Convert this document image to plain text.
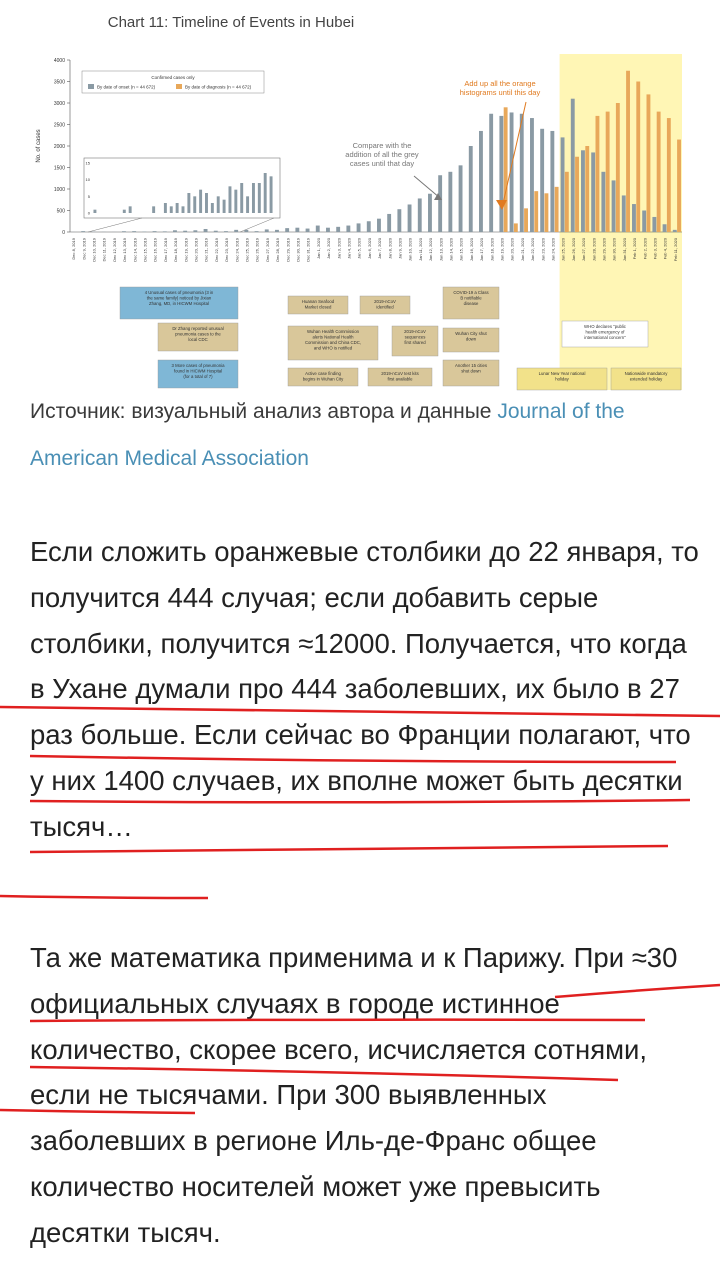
Chart 11: Timeline of Events in Hubei
0
500
1000
1500
2000
2500
3000
3500
4000
No. of cases
Confirmed cases only
By date of onset (n = 44 672)	By date of diagnosis (n = 44 672)
Dec 8, 2019 Dec 9, 2019 Dec 10, 2019 Dec 11, 2019 Dec 12, 2019 Dec 13, 2019 Dec 14, 2019 Dec 15, 2019 Dec 16, 2019 Dec 17, 2019 Dec 18, 2019 Dec 19, 2019 Dec 20, 2019 Dec 21, 2019 Dec 22, 2019 Dec 23, 2019 Dec 24, 2019 Dec 25, 2019 Dec 26, 2019 Dec 27, 2019 Dec 28, 2019 Dec 29, 2019 Dec 30, 2019 Dec 31, 2019 Jan 1, 2020 Jan 2, 2020 Jan 3, 2020 Jan 4, 2020 Jan 5, 2020 Jan 6, 2020 Jan 7, 2020 Jan 8, 2020 Jan 9, 2020 Jan 10, 2020 Jan 11, 2020 Jan 12, 2020 Jan 13, 2020 Jan 14, 2020 Jan 15, 2020 Jan 16, 2020 Jan 17, 2020 Jan 18, 2020 Jan 19, 2020 Jan 20, 2020 Jan 21, 2020 Jan 22, 2020 Jan 23, 2020 Jan 24, 2020 Jan 25, 2020 Jan 26, 2020 Jan 27, 2020 Jan 28, 2020 Jan 29, 2020 Jan 30, 2020 Jan 31, 2020 Feb 1, 2020 Feb 2, 2020 Feb 3, 2020 Feb 4, 2020 Feb 11, 2020
0
5
10
15
Add up all the orange histograms until this day
Compare with the addition of all the grey cases until that day
4 Unusual cases of pneumonia (3 in the same family) noticed by Jixian Zhang, MD, in HICWM Hospital
Dr Zhang reported unusual pneumonia cases to the local CDC
3 More cases of pneumonia found in HICWM Hospital (for a total of 7)
Huanan Seafood Market closed
2019-nCoV identified
Wuhan Health Commission alerts National Health Commission and China CDC, and WHO is notified
2019-nCoV sequences first shared
Active case finding begins in Wuhan City
2019-nCoV test kits first available
COVID-19 a Class B notifiable disease
Wuhan City shut down
Another 15 cities shut down
WHO declares "public health emergency of international concern"
Lunar New Year national holiday
Nationwide mandatory extended holiday

Источник: визуальный анализ автора и данные Journal of the American Medical Association

Если сложить оранжевые столбики до 22 января, то получится 444 случая; если добавить серые столбики, получится ≈12000. Получается, что когда в Ухане думали про 444 заболевших, их было в 27 раз больше. Если сейчас во Франции полагают, что у них 1400 случаев, их вполне может быть десятки тысяч…

Та же математика применима и к Парижу. При ≈30 официальных случаях в городе истинное количество, скорее всего, исчисляется сотнями, если не тысячами. При 300 выявленных заболевших в регионе Иль-де-Франс общее количество носителей может уже превысить десятки тысяч.
